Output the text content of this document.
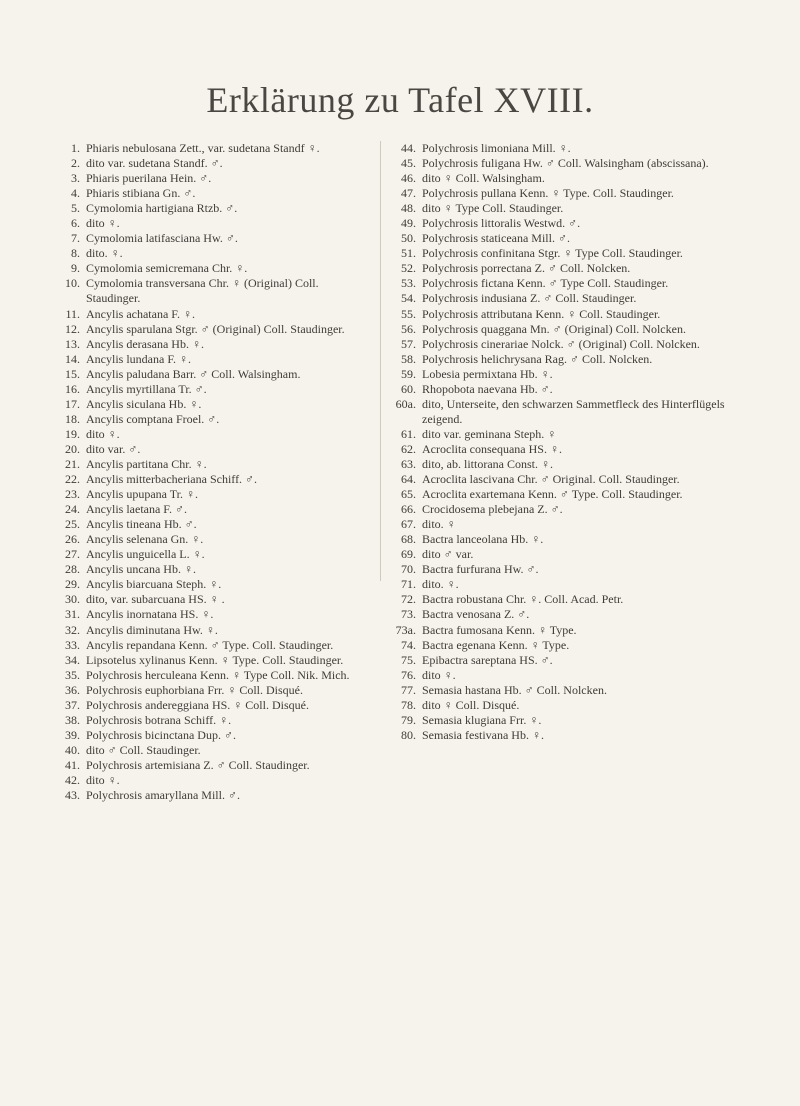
Erklärung zu Tafel XVIII.
1. Phiaris nebulosana Zett., var. sudetana Standf ♀.
2. dito var. sudetana Standf. ♂.
3. Phiaris puerilana Hein. ♂.
4. Phiaris stibiana Gn. ♂.
5. Cymolomia hartigiana Rtzb. ♂.
6. dito ♀.
7. Cymolomia latifasciana Hw. ♂.
8. dito. ♀.
9. Cymolomia semicremana Chr. ♀.
10. Cymolomia transversana Chr. ♀ (Original) Coll. Staudinger.
11. Ancylis achatana F. ♀.
12. Ancylis sparulana Stgr. ♂ (Original) Coll. Staudinger.
13. Ancylis derasana Hb. ♀.
14. Ancylis lundana F. ♀.
15. Ancylis paludana Barr. ♂ Coll. Walsingham.
16. Ancylis myrtillana Tr. ♂.
17. Ancylis siculana Hb. ♀.
18. Ancylis comptana Froel. ♂.
19. dito ♀.
20. dito var. ♂.
21. Ancylis partitana Chr. ♀.
22. Ancylis mitterbacheriana Schiff. ♂.
23. Ancylis upupana Tr. ♀.
24. Ancylis laetana F. ♂.
25. Ancylis tineana Hb. ♂.
26. Ancylis selenana Gn. ♀.
27. Ancylis unguicella L. ♀.
28. Ancylis uncana Hb. ♀.
29. Ancylis biarcuana Steph. ♀.
30. dito, var. subarcuana HS. ♀ .
31. Ancylis inornatana HS. ♀.
32. Ancylis diminutana Hw. ♀.
33. Ancylis repandana Kenn. ♂ Type. Coll. Staudinger.
34. Lipsotelus xylinanus Kenn. ♀ Type. Coll. Staudinger.
35. Polychrosis herculeana Kenn. ♀ Type Coll. Nik. Mich.
36. Polychrosis euphorbiana Frr. ♀ Coll. Disqué.
37. Polychrosis andereggiana HS. ♀ Coll. Disqué.
38. Polychrosis botrana Schiff. ♀.
39. Polychrosis bicinctana Dup. ♂.
40. dito ♂ Coll. Staudinger.
41. Polychrosis artemisiana Z. ♂ Coll. Staudinger.
42. dito ♀.
43. Polychrosis amaryllana Mill. ♂.
44. Polychrosis limoniana Mill. ♀.
45. Polychrosis fuligana Hw. ♂ Coll. Walsingham (abscissana).
46. dito ♀ Coll. Walsingham.
47. Polychrosis pullana Kenn. ♀ Type. Coll. Staudinger.
48. dito ♀ Type Coll. Staudinger.
49. Polychrosis littoralis Westwd. ♂.
50. Polychrosis staticeana Mill. ♂.
51. Polychrosis confinitana Stgr. ♀ Type Coll. Staudinger.
52. Polychrosis porrectana Z. ♂ Coll. Nolcken.
53. Polychrosis fictana Kenn. ♂ Type Coll. Staudinger.
54. Polychrosis indusiana Z. ♂ Coll. Staudinger.
55. Polychrosis attributana Kenn. ♀ Coll. Staudinger.
56. Polychrosis quaggana Mn. ♂ (Original) Coll. Nolcken.
57. Polychrosis cinerariae Nolck. ♂ (Original) Coll. Nolcken.
58. Polychrosis helichrysana Rag. ♂ Coll. Nolcken.
59. Lobesia permixtana Hb. ♀.
60. Rhopobota naevana Hb. ♂.
60a. dito, Unterseite, den schwarzen Sammetfleck des Hinterflügels zeigend.
61. dito var. geminana Steph. ♀
62. Acroclita consequana HS. ♀.
63. dito, ab. littorana Const. ♀.
64. Acroclita lascivana Chr. ♂ Original. Coll. Staudinger.
65. Acroclita exartemana Kenn. ♂ Type. Coll. Staudinger.
66. Crocidosema plebejana Z. ♂.
67. dito. ♀
68. Bactra lanceolana Hb. ♀.
69. dito ♂ var.
70. Bactra furfurana Hw. ♂.
71. dito. ♀.
72. Bactra robustana Chr. ♀. Coll. Acad. Petr.
73. Bactra venosana Z. ♂.
73a. Bactra fumosana Kenn. ♀ Type.
74. Bactra egenana Kenn. ♀ Type.
75. Epibactra sareptana HS. ♂.
76. dito ♀.
77. Semasia hastana Hb. ♂ Coll. Nolcken.
78. dito ♀ Coll. Disqué.
79. Semasia klugiana Frr. ♀.
80. Semasia festivana Hb. ♀.
